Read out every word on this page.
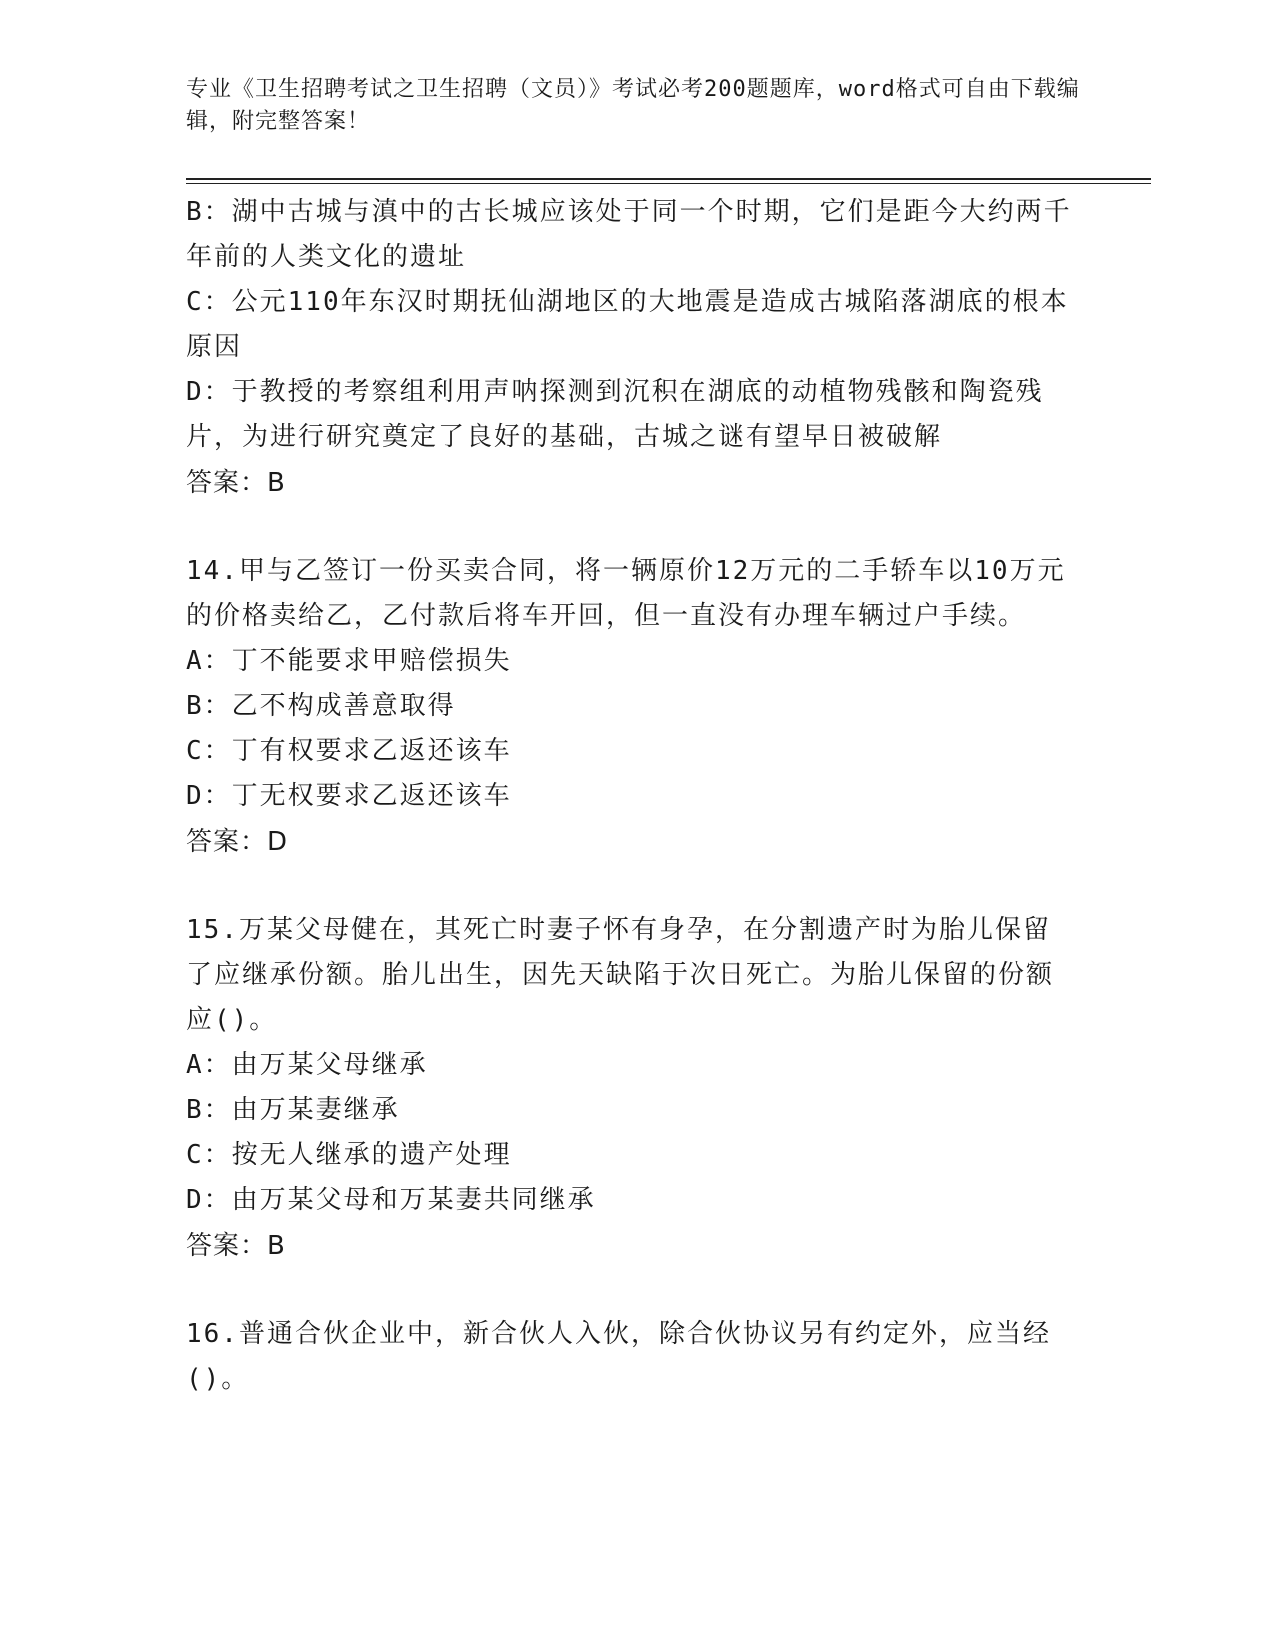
专业《卫生招聘考试之卫生招聘（文员）》考试必考200题题库，word格式可自由下载编辑，附完整答案！
B：湖中古城与滇中的古长城应该处于同一个时期，它们是距今大约两千年前的人类文化的遗址
C：公元110年东汉时期抚仙湖地区的大地震是造成古城陷落湖底的根本原因
D：于教授的考察组利用声呐探测到沉积在湖底的动植物残骸和陶瓷残片，为进行研究奠定了良好的基础，古城之谜有望早日被破解
答案：B
14.甲与乙签订一份买卖合同，将一辆原价12万元的二手轿车以10万元的价格卖给乙，乙付款后将车开回，但一直没有办理车辆过户手续。
A：丁不能要求甲赔偿损失
B：乙不构成善意取得
C：丁有权要求乙返还该车
D：丁无权要求乙返还该车
答案：D
15.万某父母健在，其死亡时妻子怀有身孕，在分割遗产时为胎儿保留了应继承份额。胎儿出生，因先天缺陷于次日死亡。为胎儿保留的份额应()。
A：由万某父母继承
B：由万某妻继承
C：按无人继承的遗产处理
D：由万某父母和万某妻共同继承
答案：B
16.普通合伙企业中，新合伙人入伙，除合伙协议另有约定外，应当经()。
